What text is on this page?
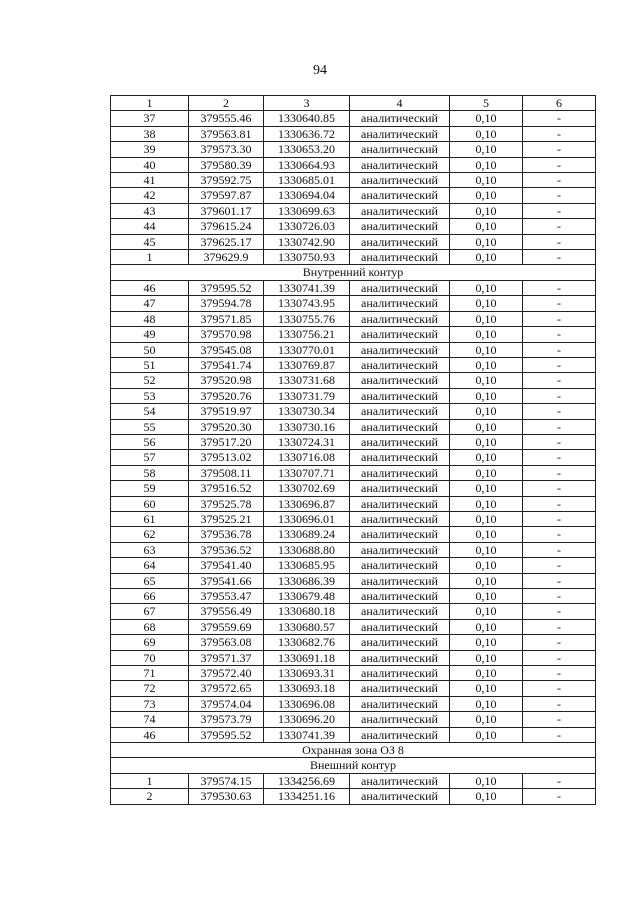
94
1	2	3	4	5	6
37	379555.46	1330640.85	аналитический	0,10	-
38	379563.81	1330636.72	аналитический	0,10	-
39	379573.30	1330653.20	аналитический	0,10	-
40	379580.39	1330664.93	аналитический	0,10	-
41	379592.75	1330685.01	аналитический	0,10	-
42	379597.87	1330694.04	аналитический	0,10	-
43	379601.17	1330699.63	аналитический	0,10	-
44	379615.24	1330726.03	аналитический	0,10	-
45	379625.17	1330742.90	аналитический	0,10	-
1	379629.9	1330750.93	аналитический	0,10	-
Внутренний контур					
46	379595.52	1330741.39	аналитический	0,10	-
47	379594.78	1330743.95	аналитический	0,10	-
48	379571.85	1330755.76	аналитический	0,10	-
49	379570.98	1330756.21	аналитический	0,10	-
50	379545.08	1330770.01	аналитический	0,10	-
51	379541.74	1330769.87	аналитический	0,10	-
52	379520.98	1330731.68	аналитический	0,10	-
53	379520.76	1330731.79	аналитический	0,10	-
54	379519.97	1330730.34	аналитический	0,10	-
55	379520.30	1330730.16	аналитический	0,10	-
56	379517.20	1330724.31	аналитический	0,10	-
57	379513.02	1330716.08	аналитический	0,10	-
58	379508.11	1330707.71	аналитический	0,10	-
59	379516.52	1330702.69	аналитический	0,10	-
60	379525.78	1330696.87	аналитический	0,10	-
61	379525.21	1330696.01	аналитический	0,10	-
62	379536.78	1330689.24	аналитический	0,10	-
63	379536.52	1330688.80	аналитический	0,10	-
64	379541.40	1330685.95	аналитический	0,10	-
65	379541.66	1330686.39	аналитический	0,10	-
66	379553.47	1330679.48	аналитический	0,10	-
67	379556.49	1330680.18	аналитический	0,10	-
68	379559.69	1330680.57	аналитический	0,10	-
69	379563.08	1330682.76	аналитический	0,10	-
70	379571.37	1330691.18	аналитический	0,10	-
71	379572.40	1330693.31	аналитический	0,10	-
72	379572.65	1330693.18	аналитический	0,10	-
73	379574.04	1330696.08	аналитический	0,10	-
74	379573.79	1330696.20	аналитический	0,10	-
46	379595.52	1330741.39	аналитический	0,10	-
Охранная зона ОЗ 8					
Внешний контур					
1	379574.15	1334256.69	аналитический	0,10	-
2	379530.63	1334251.16	аналитический	0,10	-
